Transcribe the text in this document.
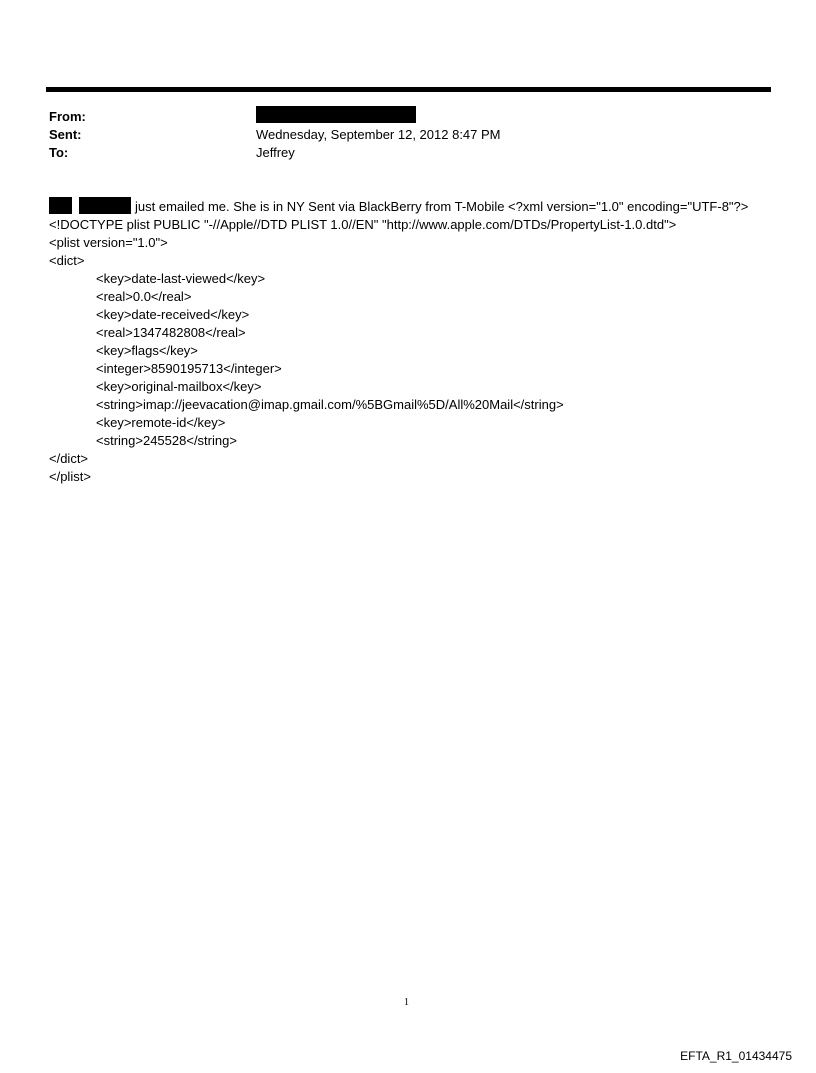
From:
Sent:	Wednesday, September 12, 2012 8:47 PM
To:	Jeffrey
just emailed me. She is in NY Sent via BlackBerry from T-Mobile <?xml version="1.0" encoding="UTF-8"?>
<!DOCTYPE plist PUBLIC "-//Apple//DTD PLIST 1.0//EN" "http://www.apple.com/DTDs/PropertyList-1.0.dtd">
<plist version="1.0">
<dict>
<key>date-last-viewed</key>
<real>0.0</real>
<key>date-received</key>
<real>1347482808</real>
<key>flags</key>
<integer>8590195713</integer>
<key>original-mailbox</key>
<string>imap://jeevacation@imap.gmail.com/%5BGmail%5D/All%20Mail</string>
<key>remote-id</key>
<string>245528</string>
</dict>
</plist>
1
EFTA_R1_01434475
